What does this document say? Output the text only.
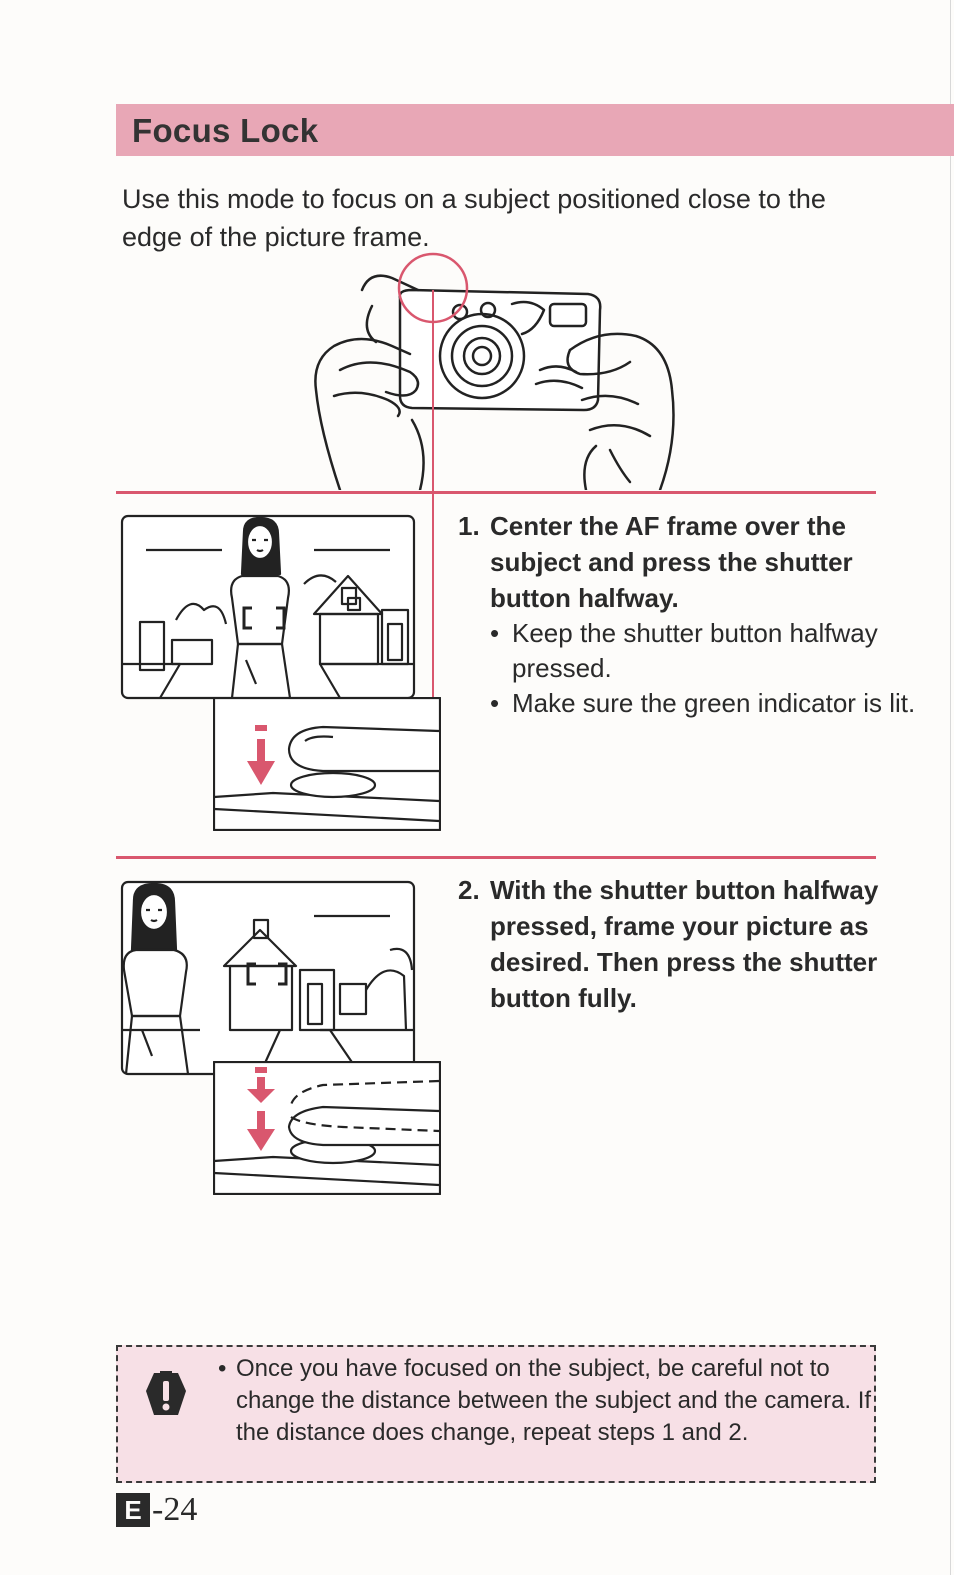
Focus Lock
Use this mode to focus on a subject positioned close to the edge of the picture frame.
1. Center the AF frame over the subject and press the shutter button halfway.
• Keep the shutter button halfway pressed.
• Make sure the green indicator is lit.
2. With the shutter button halfway pressed, frame your picture as desired. Then press the shutter button fully.
• Once you have focused on the subject, be careful not to change the distance between the subject and the camera. If the distance does change, repeat steps 1 and 2.
E -24
